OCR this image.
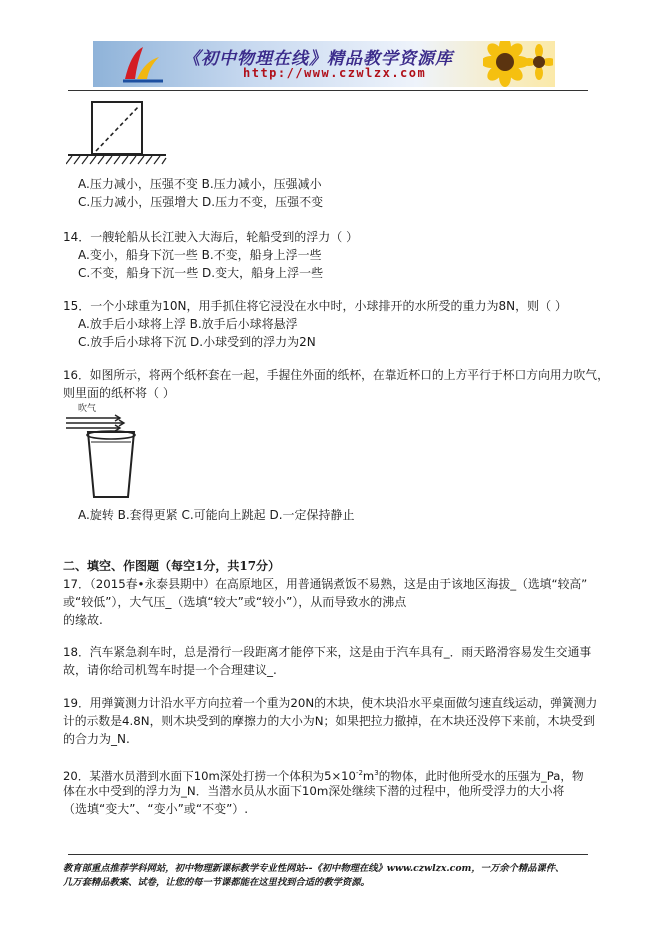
《初中物理在线》精品教学资源库
http://www.czwlzx.com
A.压力减小，压强不变 B.压力减小，压强减小
C.压力减小，压强增大 D.压力不变，压强不变
14．一艘轮船从长江驶入大海后，轮船受到的浮力（ ）
A.变小，船身下沉一些 B.不变，船身上浮一些
C.不变，船身下沉一些 D.变大，船身上浮一些
15．一个小球重为10N，用手抓住将它浸没在水中时，小球排开的水所受的重力为8N，则（ ）
A.放手后小球将上浮 B.放手后小球将悬浮
C.放手后小球将下沉 D.小球受到的浮力为2N
16．如图所示，将两个纸杯套在一起，手握住外面的纸杯，在靠近杯口的上方平行于杯口方向用力吹气，
则里面的纸杯将（ ）
吹气
A.旋转 B.套得更紧 C.可能向上跳起 D.一定保持静止
二、填空、作图题（每空1分，共17分）
17．（2015春•永泰县期中）在高原地区，用普通锅煮饭不易熟，这是由于该地区海拔_（选填“较高”
或“较低”），大气压_（选填“较大”或“较小”），从而导致水的沸点
的缘故.
18．汽车紧急刹车时，总是滑行一段距离才能停下来，这是由于汽车具有_．雨天路滑容易发生交通事
故，请你给司机驾车时提一个合理建议_.
19．用弹簧测力计沿水平方向拉着一个重为20N的木块，使木块沿水平桌面做匀速直线运动，弹簧测力
计的示数是4.8N，则木块受到的摩擦力的大小为N；如果把拉力撤掉，在木块还没停下来前，木块受到
的合力为_N.
20．某潜水员潜到水面下10m深处打捞一个体积为$5\times 10^{-2}m^3$的物体，此时他所受水的压强为_Pa，物
体在水中受到的浮力为_N．当潜水员从水面下10m深处继续下潜的过程中，他所受浮力的大小将
（选填“变大”、“变小”或“不变”）.
教育部重点推荐学科网站，初中物理新课标教学专业性网站--《初中物理在线》www.czwlzx.com，一万余个精品课件、
几万套精品教案、试卷，让您的每一节课都能在这里找到合适的教学资源。
